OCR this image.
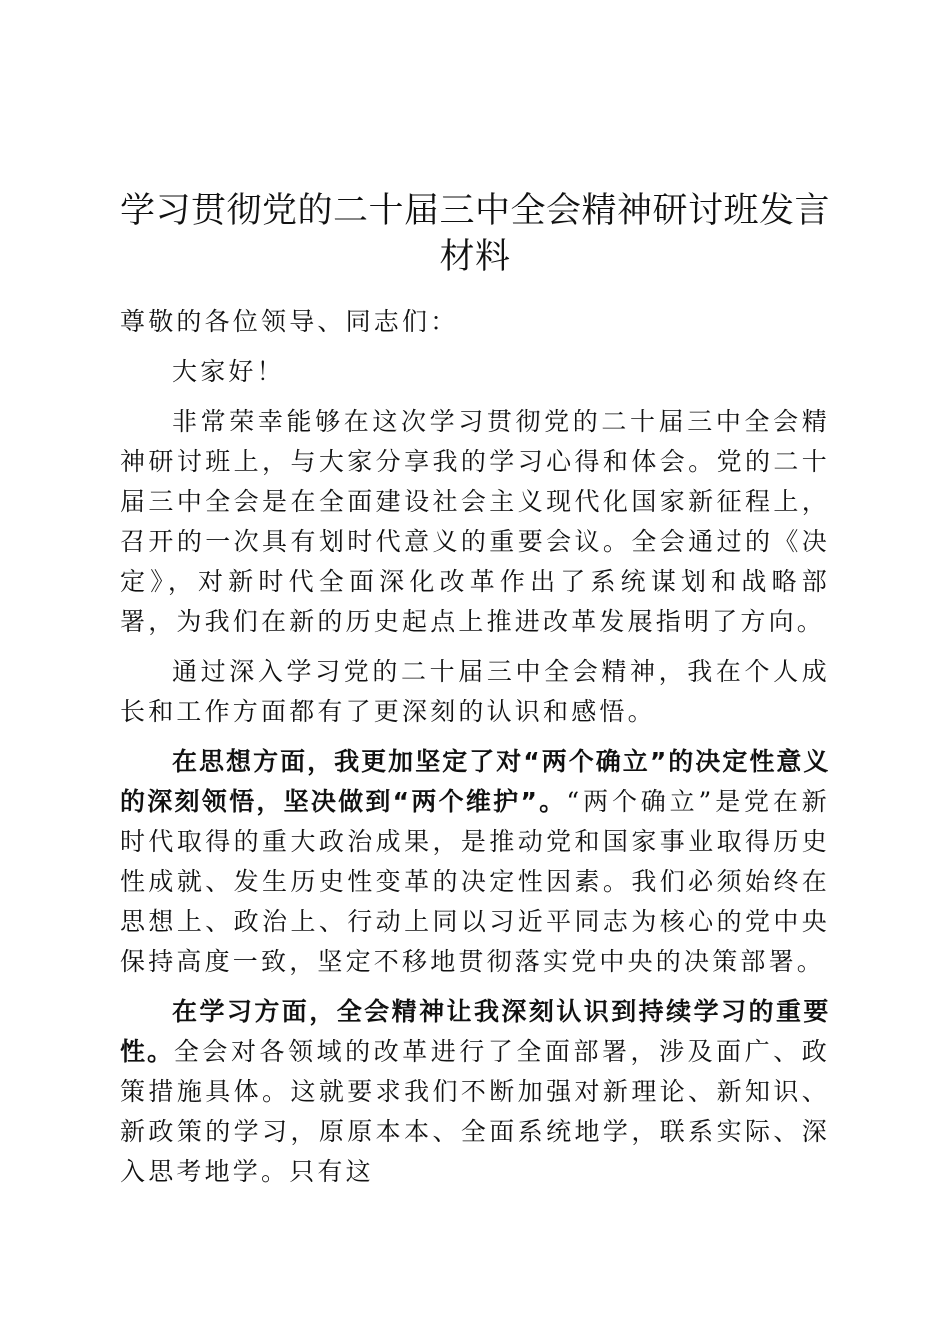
学习贯彻党的二十届三中全会精神研讨班发言
材料

尊敬的各位领导、同志们：

大家好！

非常荣幸能够在这次学习贯彻党的二十届三中全会精神研讨班上，与大家分享我的学习心得和体会。党的二十届三中全会是在全面建设社会主义现代化国家新征程上，召开的一次具有划时代意义的重要会议。全会通过的《决定》，对新时代全面深化改革作出了系统谋划和战略部署，为我们在新的历史起点上推进改革发展指明了方向。

通过深入学习党的二十届三中全会精神，我在个人成长和工作方面都有了更深刻的认识和感悟。

在思想方面，我更加坚定了对“两个确立”的决定性意义的深刻领悟，坚决做到“两个维护”。“两个确立”是党在新时代取得的重大政治成果，是推动党和国家事业取得历史性成就、发生历史性变革的决定性因素。我们必须始终在思想上、政治上、行动上同以习近平同志为核心的党中央保持高度一致，坚定不移地贯彻落实党中央的决策部署。

在学习方面，全会精神让我深刻认识到持续学习的重要性。全会对各领域的改革进行了全面部署，涉及面广、政策措施具体。这就要求我们不断加强对新理论、新知识、新政策的学习，原原本本、全面系统地学，联系实际、深入思考地学。只有这
